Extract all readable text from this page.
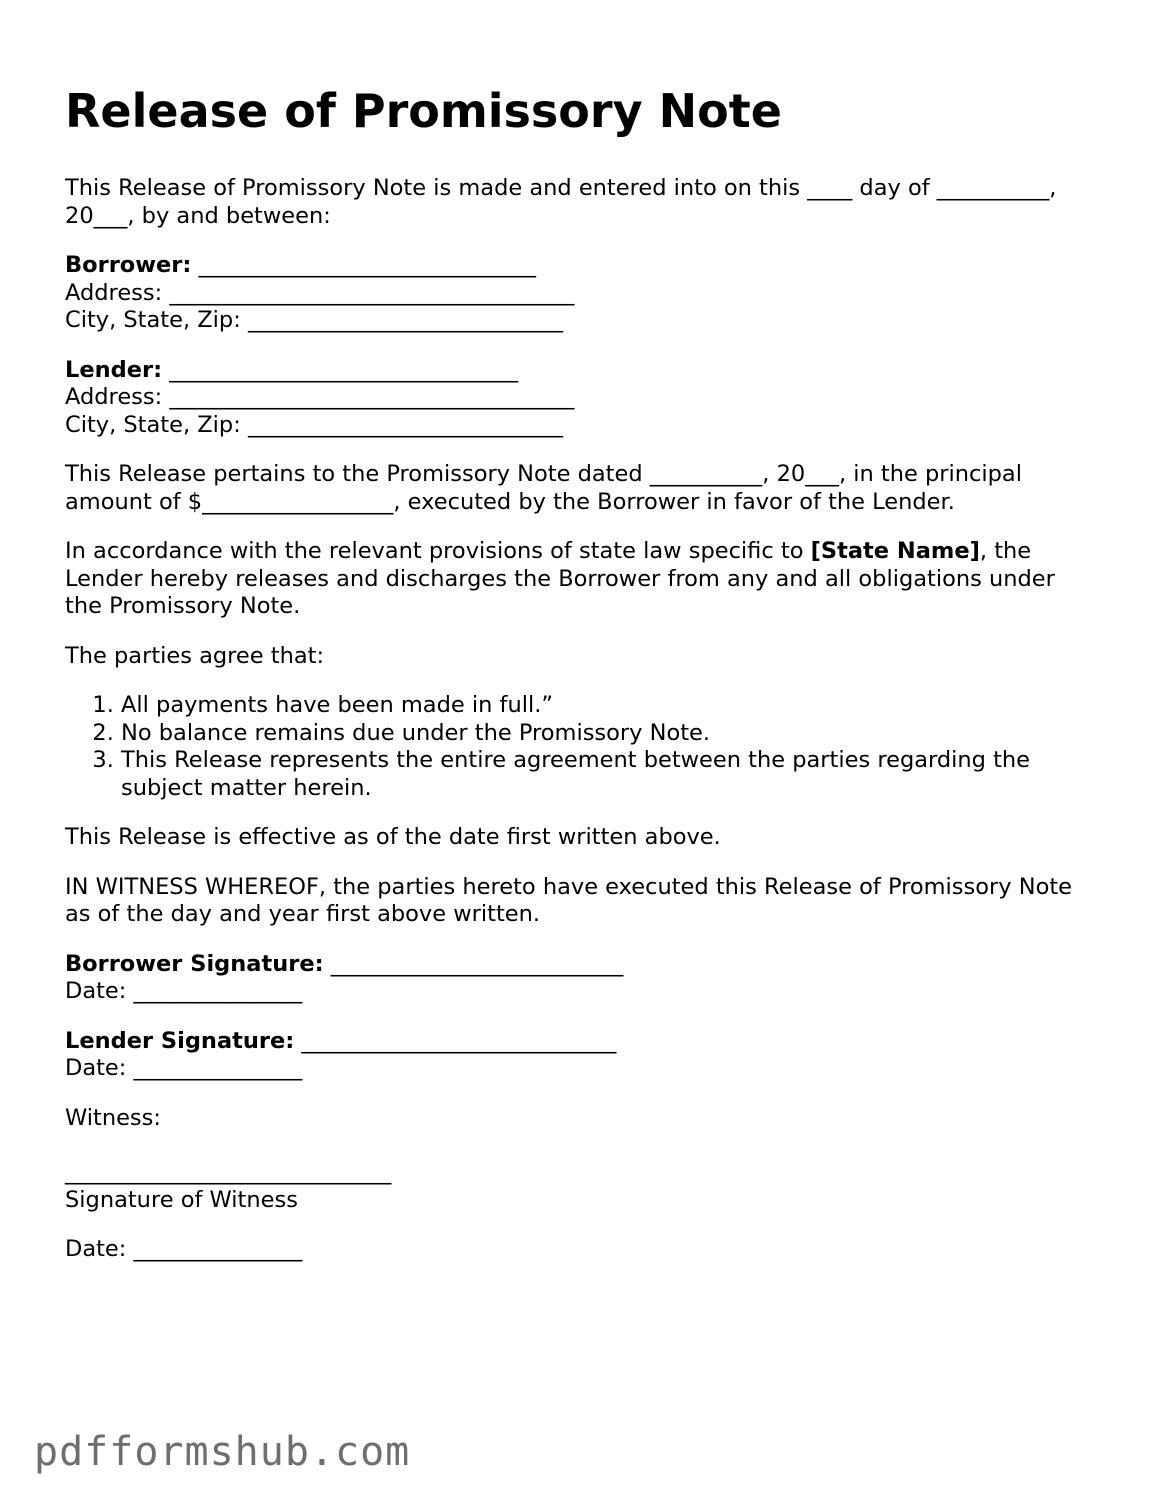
Release of Promissory Note

This Release of Promissory Note is made and entered into on this ____ day of __________,
20___, by and between:

Borrower: ______________________________
Address: ____________________________________
City, State, Zip: ____________________________
Lender: _______________________________
Address: ____________________________________
City, State, Zip: ____________________________

This Release pertains to the Promissory Note dated __________, 20___, in the principal
amount of $_________________, executed by the Borrower in favor of the Lender.

In accordance with the relevant provisions of state law specific to [State Name], the
Lender hereby releases and discharges the Borrower from any and all obligations under
the Promissory Note.

The parties agree that:

1. All payments have been made in full.”
2. No balance remains due under the Promissory Note.
3. This Release represents the entire agreement between the parties regarding the subject matter herein.

This Release is effective as of the date first written above.

IN WITNESS WHEREOF, the parties hereto have executed this Release of Promissory Note
as of the day and year first above written.

Borrower Signature: __________________________
Date: _______________
Lender Signature: ____________________________
Date: _______________
Witness:
_____________________________
Signature of Witness

Date: _______________

pdfformshub.com
